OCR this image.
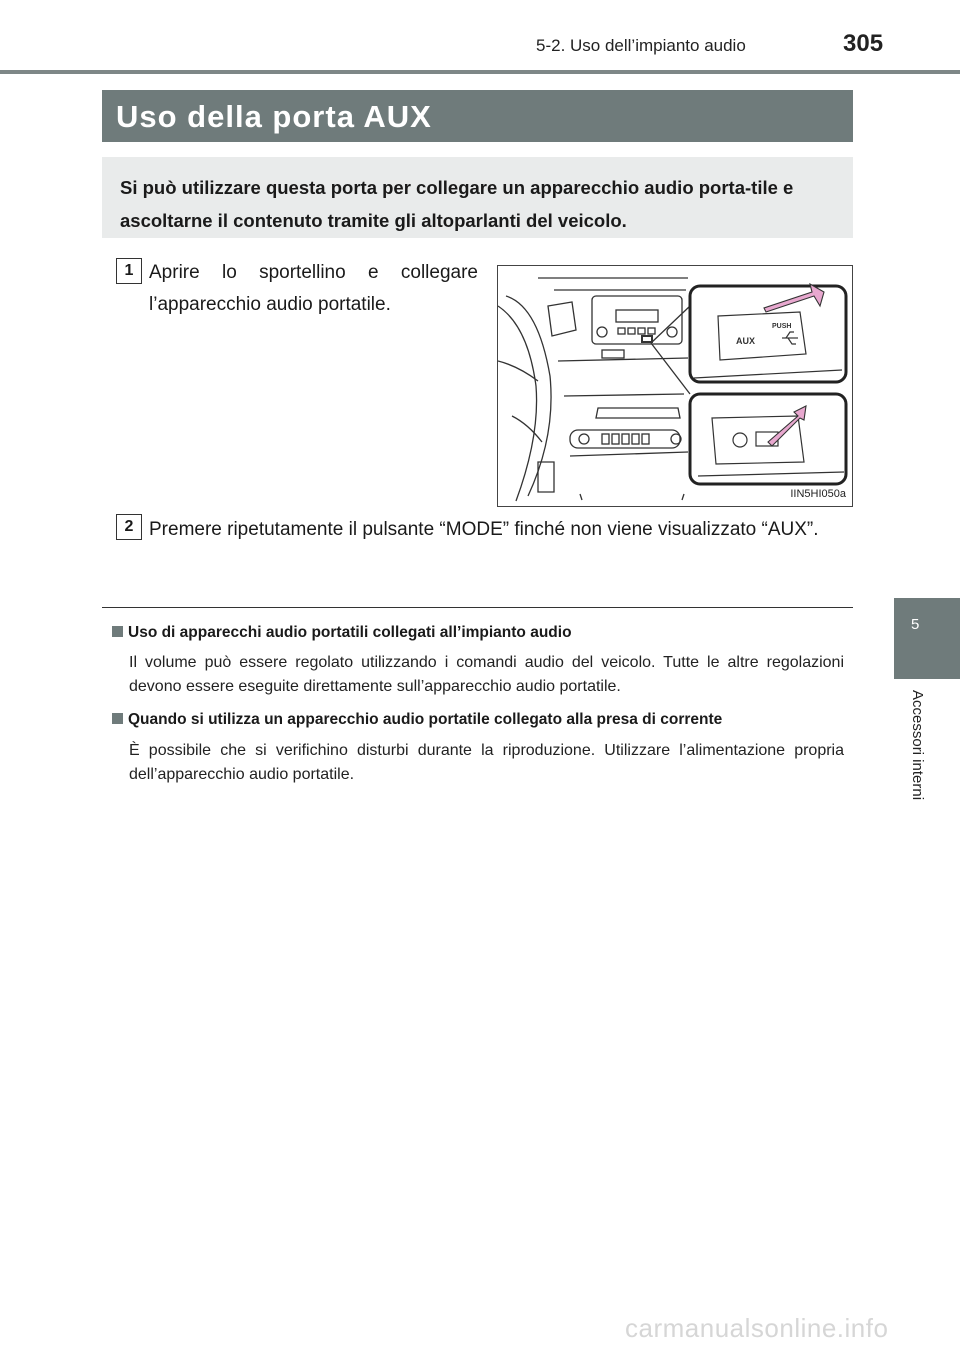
5-2. Uso dell’impianto audio	305
Uso della porta AUX
Si può utilizzare questa porta per collegare un apparecchio audio porta-tile e ascoltarne il contenuto tramite gli altoparlanti del veicolo.
1 Aprire lo sportellino e collegare l’apparecchio audio portatile.
PUSH
AUX
IIN5HI050a
2 Premere ripetutamente il pulsante “MODE” finché non viene visualizzato “AUX”.
Uso di apparecchi audio portatili collegati all’impianto audio
Il volume può essere regolato utilizzando i comandi audio del veicolo. Tutte le altre regolazioni devono essere eseguite direttamente sull’apparecchio audio portatile.
Quando si utilizza un apparecchio audio portatile collegato alla presa di corrente
È possibile che si verifichino disturbi durante la riproduzione. Utilizzare l’alimentazione propria dell’apparecchio audio portatile.
5
Accessori interni
carmanualsonline.info
